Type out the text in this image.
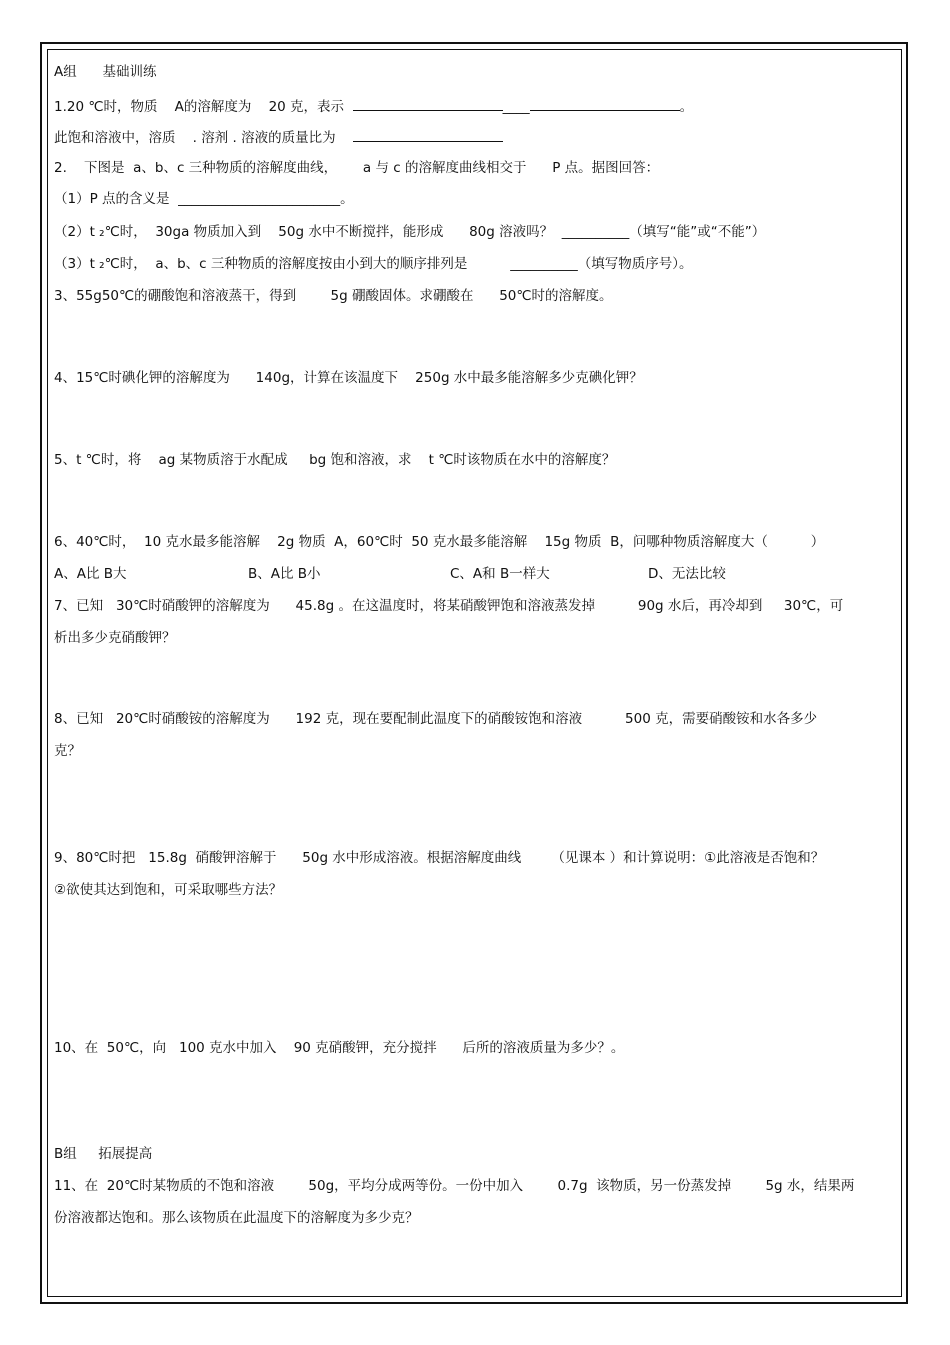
A组      基础训练
1.20 ℃时，物质    A的溶解度为    20 克，表示	____	。
此饱和溶液中，溶质    . 溶剂 . 溶液的质量比为
2.    下图是  a、b、c 三种物质的溶解度曲线，      a 与 c 的溶解度曲线相交于      P 点。据图回答：
（1）P 点的含义是  ________________________。
（2）t ₂℃时，  30ga 物质加入到    50g 水中不断搅拌，能形成      80g 溶液吗？  __________（填写“能”或“不能”）
（3）t ₂℃时，  a、b、c 三种物质的溶解度按由小到大的顺序排列是          __________（填写物质序号）。
3、55g50℃的硼酸饱和溶液蒸干，得到        5g 硼酸固体。求硼酸在      50℃时的溶解度。
4、15℃时碘化钾的溶解度为      140g，计算在该温度下    250g 水中最多能溶解多少克碘化钾？
5、t ℃时，将    ag 某物质溶于水配成     bg 饱和溶液，求    t ℃时该物质在水中的溶解度？
6、40℃时，  10 克水最多能溶解    2g 物质  A，60℃时  50 克水最多能溶解    15g 物质  B，问哪种物质溶解度大（          ）
A、A比 B大	B、A比 B小	C、A和 B一样大	D、无法比较
7、已知   30℃时硝酸钾的溶解度为      45.8g 。在这温度时，将某硝酸钾饱和溶液蒸发掉          90g 水后，再冷却到     30℃，可
析出多少克硝酸钾？
8、已知   20℃时硝酸铵的溶解度为      192 克，现在要配制此温度下的硝酸铵饱和溶液          500 克，需要硝酸铵和水各多少
克？
9、80℃时把   15.8g  硝酸钾溶解于      50g 水中形成溶液。根据溶解度曲线       （见课本 ）和计算说明：①此溶液是否饱和？
②欲使其达到饱和，可采取哪些方法？
10、在  50℃，向   100 克水中加入    90 克硝酸钾，充分搅拌      后所的溶液质量为多少？。
B组     拓展提高
11、在  20℃时某物质的不饱和溶液        50g，平均分成两等份。一份中加入        0.7g  该物质，另一份蒸发掉        5g 水，结果两
份溶液都达饱和。那么该物质在此温度下的溶解度为多少克？
